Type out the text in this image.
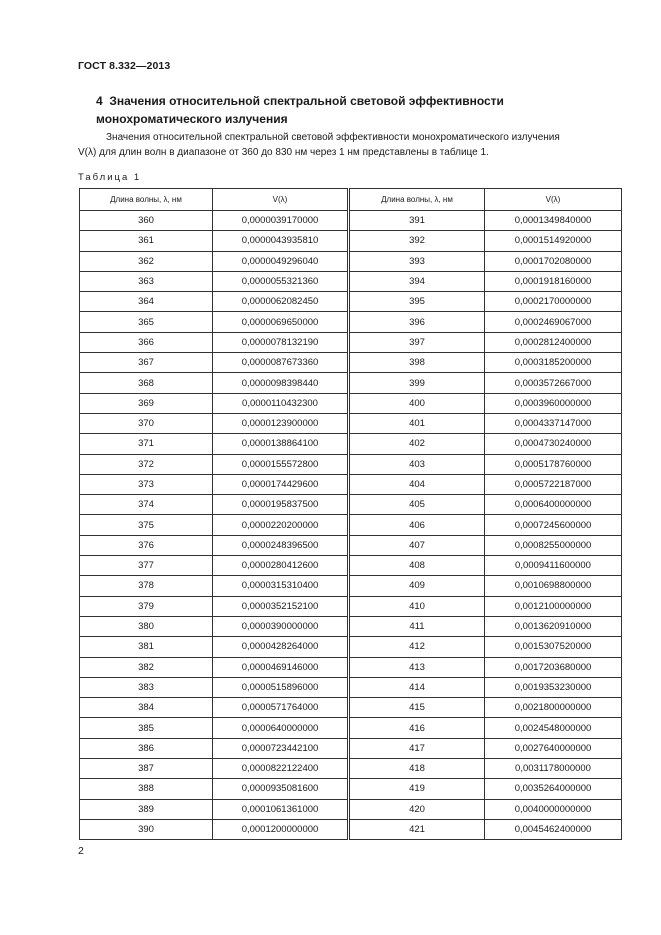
ГОСТ 8.332—2013
4 Значения относительной спектральной световой эффективности монохроматического излучения
Значения относительной спектральной световой эффективности монохроматического излучения
V(λ) для длин волн в диапазоне от 360 до 830 нм через 1 нм представлены в таблице 1.
Таблица 1
Длина волны, λ, нм	V(λ)	Длина волны, λ, нм	V(λ)
360	0,0000039170000	391	0,0001349840000
361	0,0000043935810	392	0,0001514920000
362	0,0000049296040	393	0,0001702080000
363	0,0000055321360	394	0,0001918160000
364	0,0000062082450	395	0,0002170000000
365	0,0000069650000	396	0,0002469067000
366	0,0000078132190	397	0,0002812400000
367	0,0000087673360	398	0,0003185200000
368	0,0000098398440	399	0,0003572667000
369	0,0000110432300	400	0,0003960000000
370	0,0000123900000	401	0,0004337147000
371	0,0000138864100	402	0,0004730240000
372	0,0000155572800	403	0,0005178760000
373	0,0000174429600	404	0,0005722187000
374	0,0000195837500	405	0,0006400000000
375	0,0000220200000	406	0,0007245600000
376	0,0000248396500	407	0,0008255000000
377	0,0000280412600	408	0,0009411600000
378	0,0000315310400	409	0,0010698800000
379	0,0000352152100	410	0,0012100000000
380	0,0000390000000	411	0,0013620910000
381	0,0000428264000	412	0,0015307520000
382	0,0000469146000	413	0,0017203680000
383	0,0000515896000	414	0,0019353230000
384	0,0000571764000	415	0,0021800000000
385	0,0000640000000	416	0,0024548000000
386	0,0000723442100	417	0,0027640000000
387	0,0000822122400	418	0,0031178000000
388	0,0000935081600	419	0,0035264000000
389	0,0001061361000	420	0,0040000000000
390	0,0001200000000	421	0,0045462400000
2
